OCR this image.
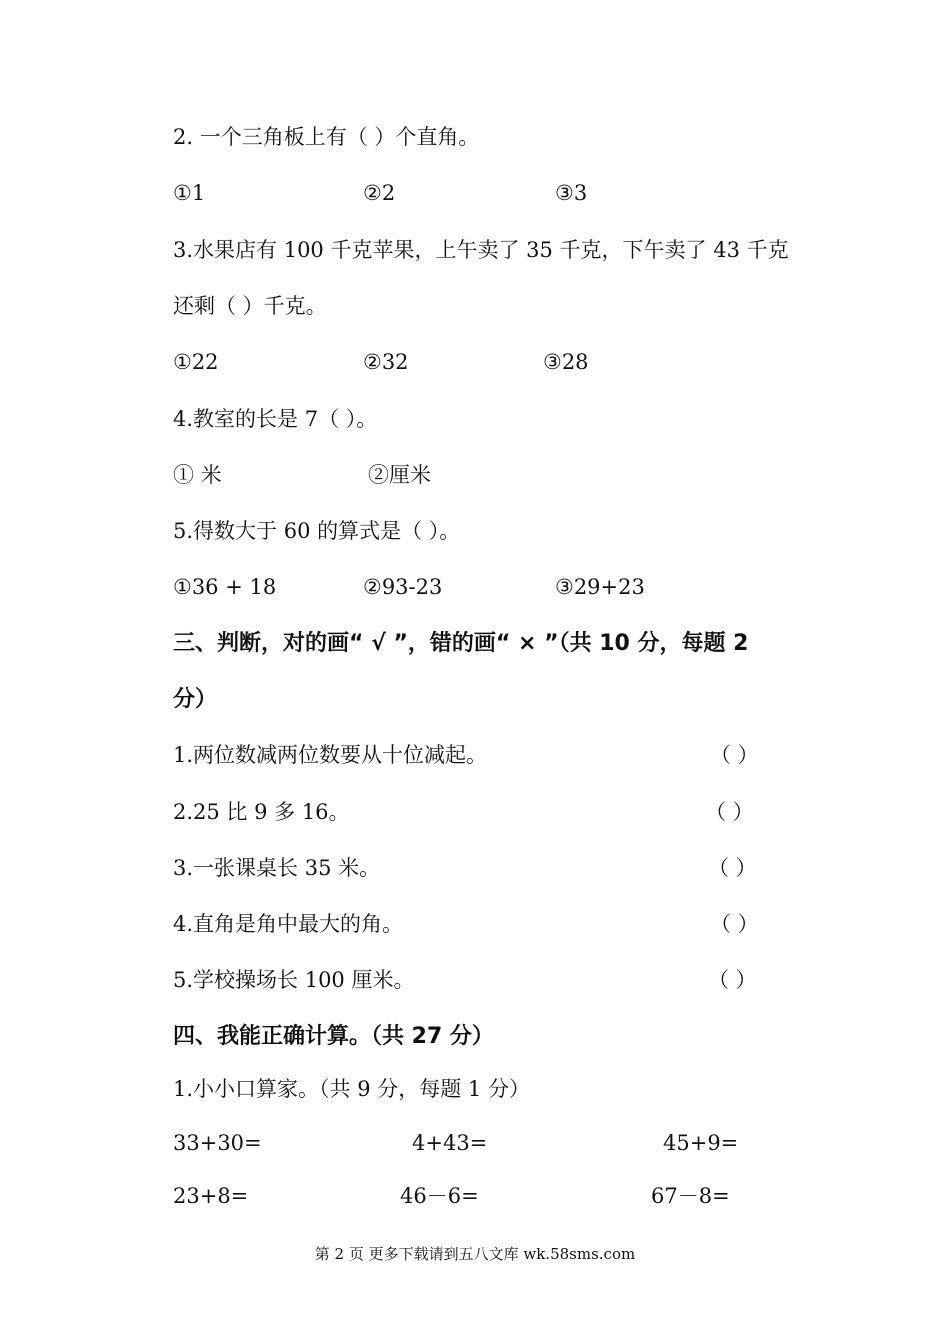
2. 一个三角板上有（ ）个直角。
①1	②2	③3
3.水果店有 100 千克苹果，上午卖了 35 千克，下午卖了 43 千克
还剩（ ）千克。
①22	②32	③28
4.教室的长是 7（ ）。
① 米	②厘米
5.得数大于 60 的算式是（ ）。
①36 + 18	②93-23	③29+23
三、判断，对的画“ √ ”，错的画“ × ”（共 10 分，每题 2
分）
1.两位数减两位数要从十位减起。	（ ）
2.25 比 9 多 16。	（ ）
3.一张课桌长 35 米。	（ ）
4.直角是角中最大的角。	（ ）
5.学校操场长 100 厘米。	（ ）
四、我能正确计算。（共 27 分）
1.小小口算家。（共 9 分，每题 1 分）
33+30=	4+43=	45+9=
23+8=	46－6=	67－8=
第 2 页 更多下载请到五八文库 wk.58sms.com
